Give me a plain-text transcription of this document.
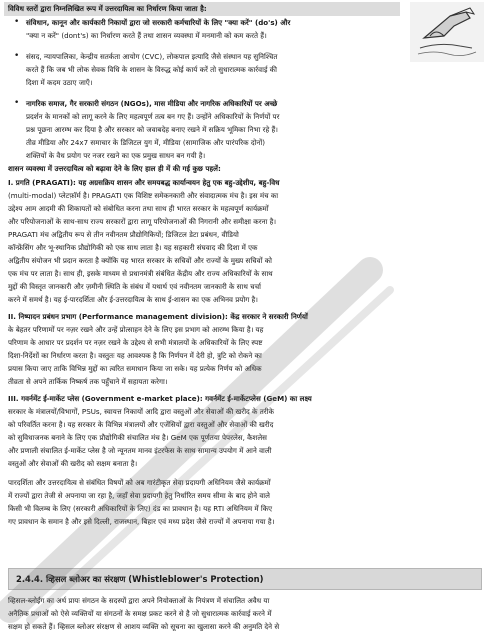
विविध स्तरों द्वारा निम्नलिखित रूप में उत्तरदायित्व का निर्धारण किया जाता है:
• संविधान, कानून और कार्यकारी निकायों द्वारा जो सरकारी कर्मचारियों के लिए "क्या करें" (do's) और
"क्या न करें" (dont's) का निर्धारण करते हैं तथा शासन व्यवस्था में मनमानी को कम करते हैं।
• संसद, न्यायपालिका, केन्द्रीय सतर्कता आयोग (CVC), लोकपाल इत्यादि जैसे संस्थान यह सुनिश्चित
करते हैं कि जब भी लोक सेवक विधि के शासन के विरुद्ध कोई कार्य करें तो सुधारात्मक कार्रवाई की
दिशा में कदम उठाए जाएँ।
• नागरिक समाज, गैर सरकारी संगठन (NGOs), मास मीडिया और नागरिक अधिकारियों पर अच्छे
प्रदर्शन के मानकों को लागू करने के लिए महत्वपूर्ण तत्व बन गए हैं। उन्होंने अधिकारियों के निर्णयों पर
प्रश्न पूछना आरम्भ कर दिया है और सरकार को जवाबदेह बनाए रखने में सक्रिय भूमिका निभा रहे हैं।
तीव्र मीडिया और 24x7 समाचार के डिजिटल युग में, मीडिया (सामाजिक और पारंपरिक दोनों)
शक्तियों के वैध प्रयोग पर नजर रखने का एक प्रमुख साधन बन गयी है।
शासन व्यवस्था में उत्तरदायित्व को बढ़ावा देने के लिए हाल ही में की गई कुछ पहलें:
I. प्रगति (PRAGATI): यह अग्रसक्रिय शासन और समयबद्ध कार्यान्वयन हेतु एक बहु-उद्देशीय, बहु-विध
(multi-modal) प्लेटफ़ॉर्म है। PRAGATI एक विशिष्ट समेकनकारी और संवादात्मक मंच है। इस मंच का
उद्देश्य आम आदमी की शिकायतों को संबोधित करना तथा साथ ही भारत सरकार के महत्वपूर्ण कार्यक्रमों
और परियोजनाओं के साथ-साथ राज्य सरकारों द्वारा लागू परियोजनाओं की निगरानी और समीक्षा करना है।
PRAGATI मंच अद्वितीय रूप से तीन नवीनतम प्रौद्योगिकियों; डिजिटल डेटा प्रबंधन, वीडियो
कॉन्फ्रेंसिंग और भू-स्थानिक प्रौद्योगिकी को एक साथ लाता है। यह सहकारी संघवाद की दिशा में एक
अद्वितीय संयोजन भी प्रदान करता है क्योंकि यह भारत सरकार के सचिवों और राज्यों के मुख्य सचिवों को
एक मंच पर लाता है। साथ ही, इसके माध्यम से प्रधानमंत्री संबंधित केंद्रीय और राज्य अधिकारियों के साथ
मुद्दों की विस्तृत जानकारी और ज़मीनी स्थिति के संबंध में यथार्थ एवं नवीनतम जानकारी के साथ चर्चा
करने में समर्थ है। यह ई-पारदर्शिता और ई-उत्तरदायित्व के साथ ई-शासन का एक अभिनव प्रयोग है।
II. निष्पादन प्रबंधन प्रभाग (Performance management division): केंद्र सरकार ने सरकारी निर्णयों
के बेहतर परिणामों पर नज़र रखने और उन्हें प्रोत्साहन देने के लिए इस प्रभाग को आरम्भ किया है। यह
परिणाम के आधार पर प्रदर्शन पर नज़र रखने के उद्देश्य से सभी मंत्रालयों के अधिकारियों के लिए स्पष्ट
दिशा-निर्देशों का निर्धारण करता है। वस्तुतः यह आवश्यक है कि निर्णयन में देरी हो, त्रुटि को रोकने का
प्रयास किया जाए ताकि विभिन्न मुद्दों का त्वरित समाधान किया जा सके। यह प्रत्येक निर्णय को अधिक
तीव्रता से अपने तार्किक निष्कर्ष तक पहुँचाने में सहायता करेगा।
III. गवर्नमेंट ई-मार्केट प्लेस (Government e-market place): गवर्नमेंट ई-मार्केटप्लेस (GeM) का लक्ष्य
सरकार के मंत्रालयों/विभागों, PSUs, स्वायत्त निकायों आदि द्वारा वस्तुओं और सेवाओं की खरीद के तरीके
को परिवर्तित करना है। यह सरकार के विभिन्न मंत्रालयों और एजेंसियों द्वारा वस्तुओं और सेवाओं की खरीद
को सुविधाजनक बनाने के लिए एक प्रौद्योगिकी संचालित मंच है। GeM एक पूर्णतया पेपरलेस, कैशलेस
और प्रणाली संचालित ई-मार्केट प्लेस है जो न्यूनतम मानव इंटरफेस के साथ सामान्य उपयोग में आने वाली
वस्तुओं और सेवाओं की खरीद को सक्षम बनाता है।
पारदर्शिता और उत्तरदायित्व से संबंधित विषयों को अब गारंटीकृत सेवा प्रदायगी अधिनियम जैसे कार्यक्रमों
में राज्यों द्वारा तेजी से अपनाया जा रहा है, जहाँ सेवा प्रदायगी हेतु निर्धारित समय सीमा के बाद होने वाले
किसी भी विलम्ब के लिए (सरकारी अधिकारियों के लिए) दंड का प्रावधान है। यह RTI अधिनियम में किए
गए प्रावधान के समान है और इसे दिल्ली, राजस्थान, बिहार एवं मध्य प्रदेश जैसे राज्यों में अपनाया गया है।
2.4.4. व्हिसल ब्लोअर का संरक्षण (Whistleblower's Protection)
व्हिसल-ब्लोईंग का अर्थ प्रायः संगठन के सदस्यों द्वारा अपने नियोक्ताओं के नियंत्रण में संचालित अवैध या
अनैतिक प्रथाओं को ऐसे व्यक्तियों या संगठनों के समक्ष प्रकट करने से है जो सुधारात्मक कार्रवाई करने में
सक्षम हो सकते हैं। व्हिसल ब्लोअर संरक्षण से आशय व्यक्ति को सूचना का खुलासा करने की अनुमति देने से
